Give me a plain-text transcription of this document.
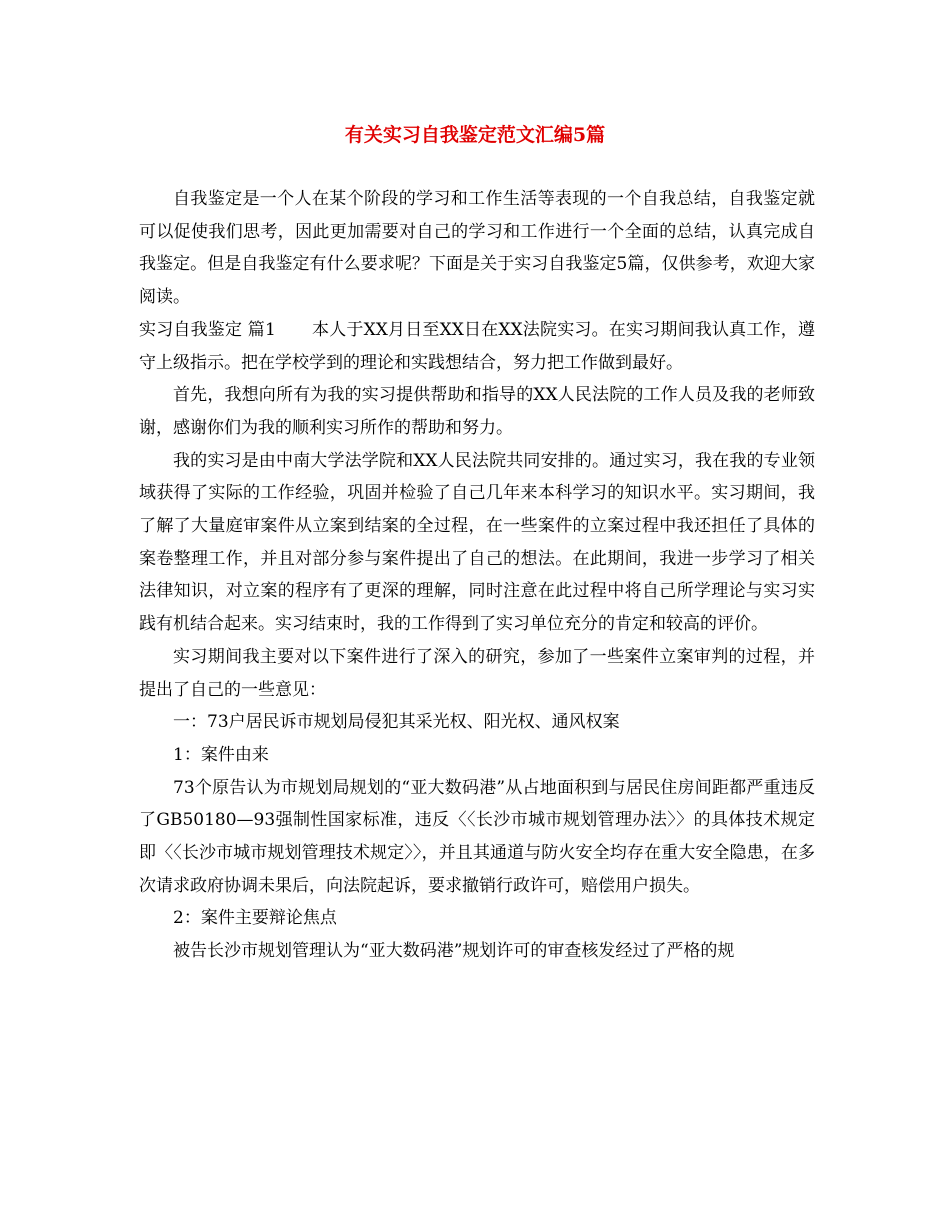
有关实习自我鉴定范文汇编5篇

自我鉴定是一个人在某个阶段的学习和工作生活等表现的一个自我总结，自我鉴定就可以促使我们思考，因此更加需要对自己的学习和工作进行一个全面的总结，认真完成自我鉴定。但是自我鉴定有什么要求呢？下面是关于实习自我鉴定5篇，仅供参考，欢迎大家阅读。

实习自我鉴定 篇1 本人于XX月日至XX日在XX法院实习。在实习期间我认真工作，遵守上级指示。把在学校学到的理论和实践想结合，努力把工作做到最好。

首先，我想向所有为我的实习提供帮助和指导的XX人民法院的工作人员及我的老师致谢，感谢你们为我的顺利实习所作的帮助和努力。

我的实习是由中南大学法学院和XX人民法院共同安排的。通过实习，我在我的专业领域获得了实际的工作经验，巩固并检验了自己几年来本科学习的知识水平。实习期间，我了解了大量庭审案件从立案到结案的全过程，在一些案件的立案过程中我还担任了具体的案卷整理工作，并且对部分参与案件提出了自己的想法。在此期间，我进一步学习了相关法律知识，对立案的程序有了更深的理解，同时注意在此过程中将自己所学理论与实习实践有机结合起来。实习结束时，我的工作得到了实习单位充分的肯定和较高的评价。

实习期间我主要对以下案件进行了深入的研究，参加了一些案件立案审判的过程，并提出了自己的一些意见：

一：73户居民诉市规划局侵犯其采光权、阳光权、通风权案

1：案件由来

73个原告认为市规划局规划的“亚大数码港”从占地面积到与居民住房间距都严重违反了GB50180—93强制性国家标准，违反〈〈长沙市城市规划管理办法〉〉的具体技术规定即〈〈长沙市城市规划管理技术规定〉〉，并且其通道与防火安全均存在重大安全隐患，在多次请求政府协调未果后，向法院起诉，要求撤销行政许可，赔偿用户损失。

2：案件主要辩论焦点

被告长沙市规划管理认为“亚大数码港”规划许可的审查核发经过了严格的规
